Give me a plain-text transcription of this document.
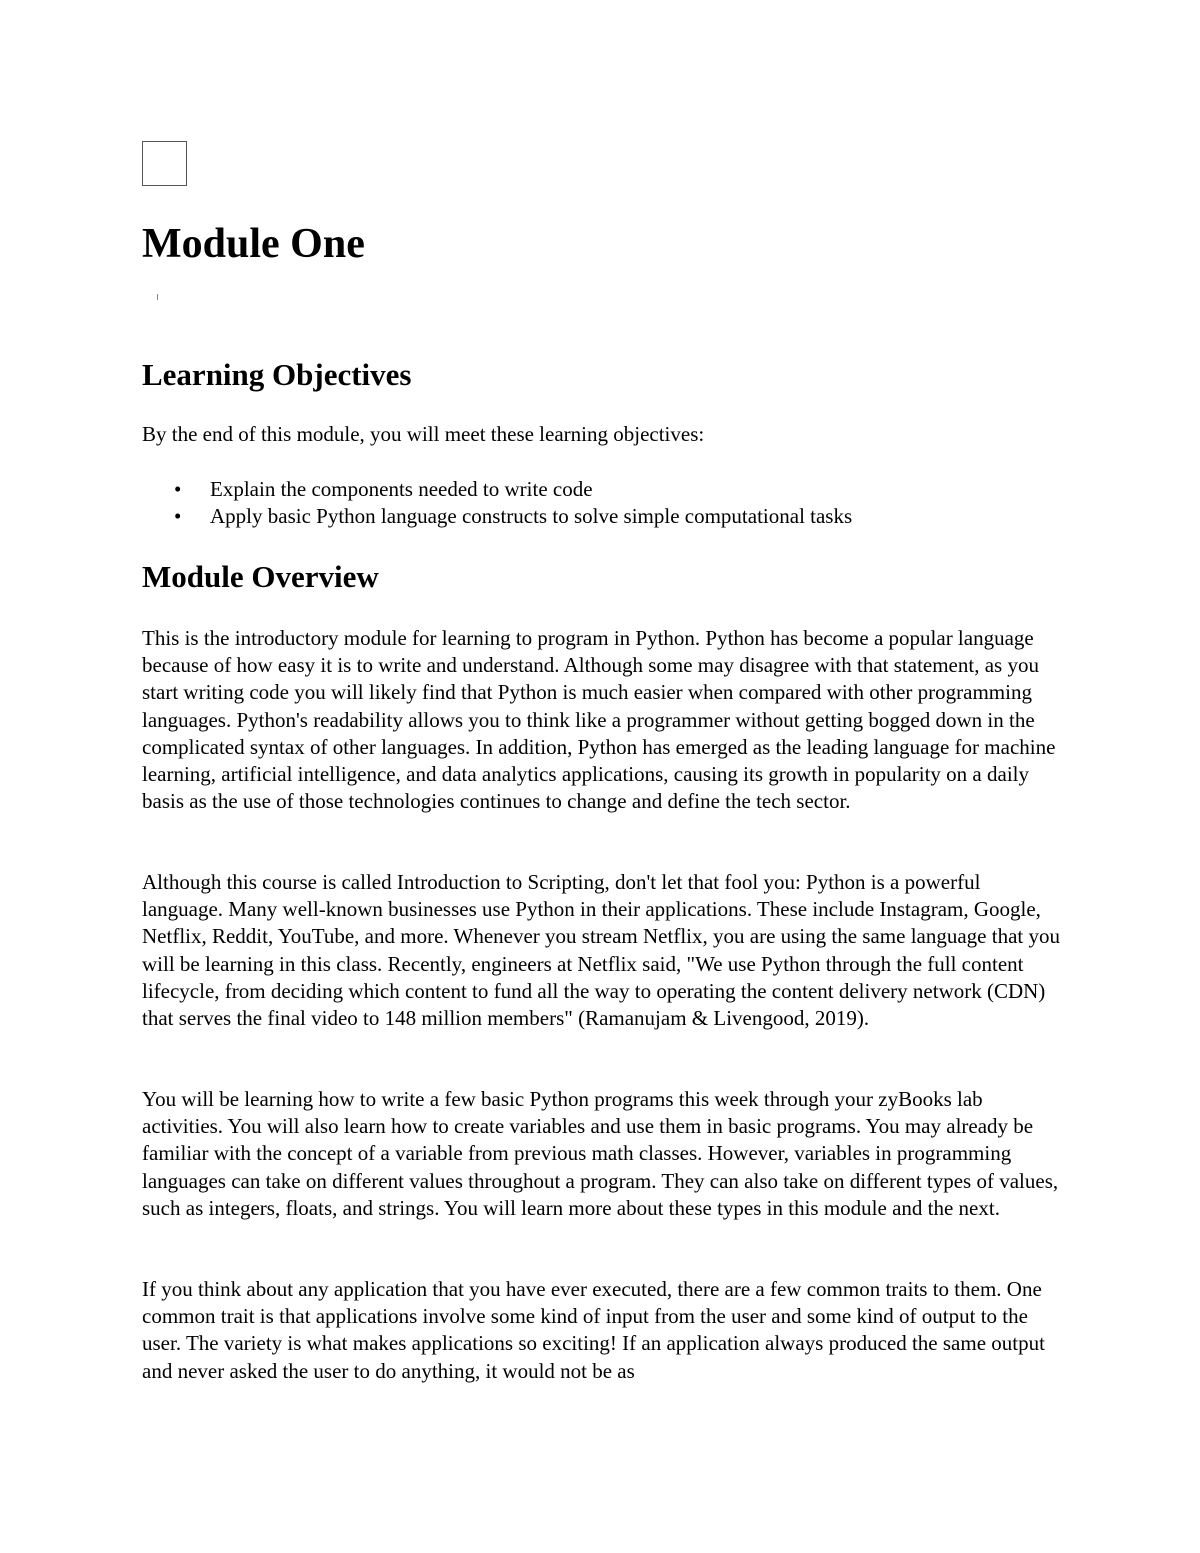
Module One
Learning Objectives

By the end of this module, you will meet these learning objectives:

• Explain the components needed to write code
• Apply basic Python language constructs to solve simple computational tasks
Module Overview

This is the introductory module for learning to program in Python. Python has become a popular language because of how easy it is to write and understand. Although some may disagree with that statement, as you start writing code you will likely find that Python is much easier when compared with other programming languages. Python's readability allows you to think like a programmer without getting bogged down in the complicated syntax of other languages. In addition, Python has emerged as the leading language for machine learning, artificial intelligence, and data analytics applications, causing its growth in popularity on a daily basis as the use of those technologies continues to change and define the tech sector.

Although this course is called Introduction to Scripting, don't let that fool you: Python is a powerful language. Many well-known businesses use Python in their applications. These include Instagram, Google, Netflix, Reddit, YouTube, and more. Whenever you stream Netflix, you are using the same language that you will be learning in this class. Recently, engineers at Netflix said, "We use Python through the full content lifecycle, from deciding which content to fund all the way to operating the content delivery network (CDN) that serves the final video to 148 million members" (Ramanujam & Livengood, 2019).

You will be learning how to write a few basic Python programs this week through your zyBooks lab activities. You will also learn how to create variables and use them in basic programs. You may already be familiar with the concept of a variable from previous math classes. However, variables in programming languages can take on different values throughout a program. They can also take on different types of values, such as integers, floats, and strings. You will learn more about these types in this module and the next.

If you think about any application that you have ever executed, there are a few common traits to them. One common trait is that applications involve some kind of input from the user and some kind of output to the user. The variety is what makes applications so exciting! If an application always produced the same output and never asked the user to do anything, it would not be as
